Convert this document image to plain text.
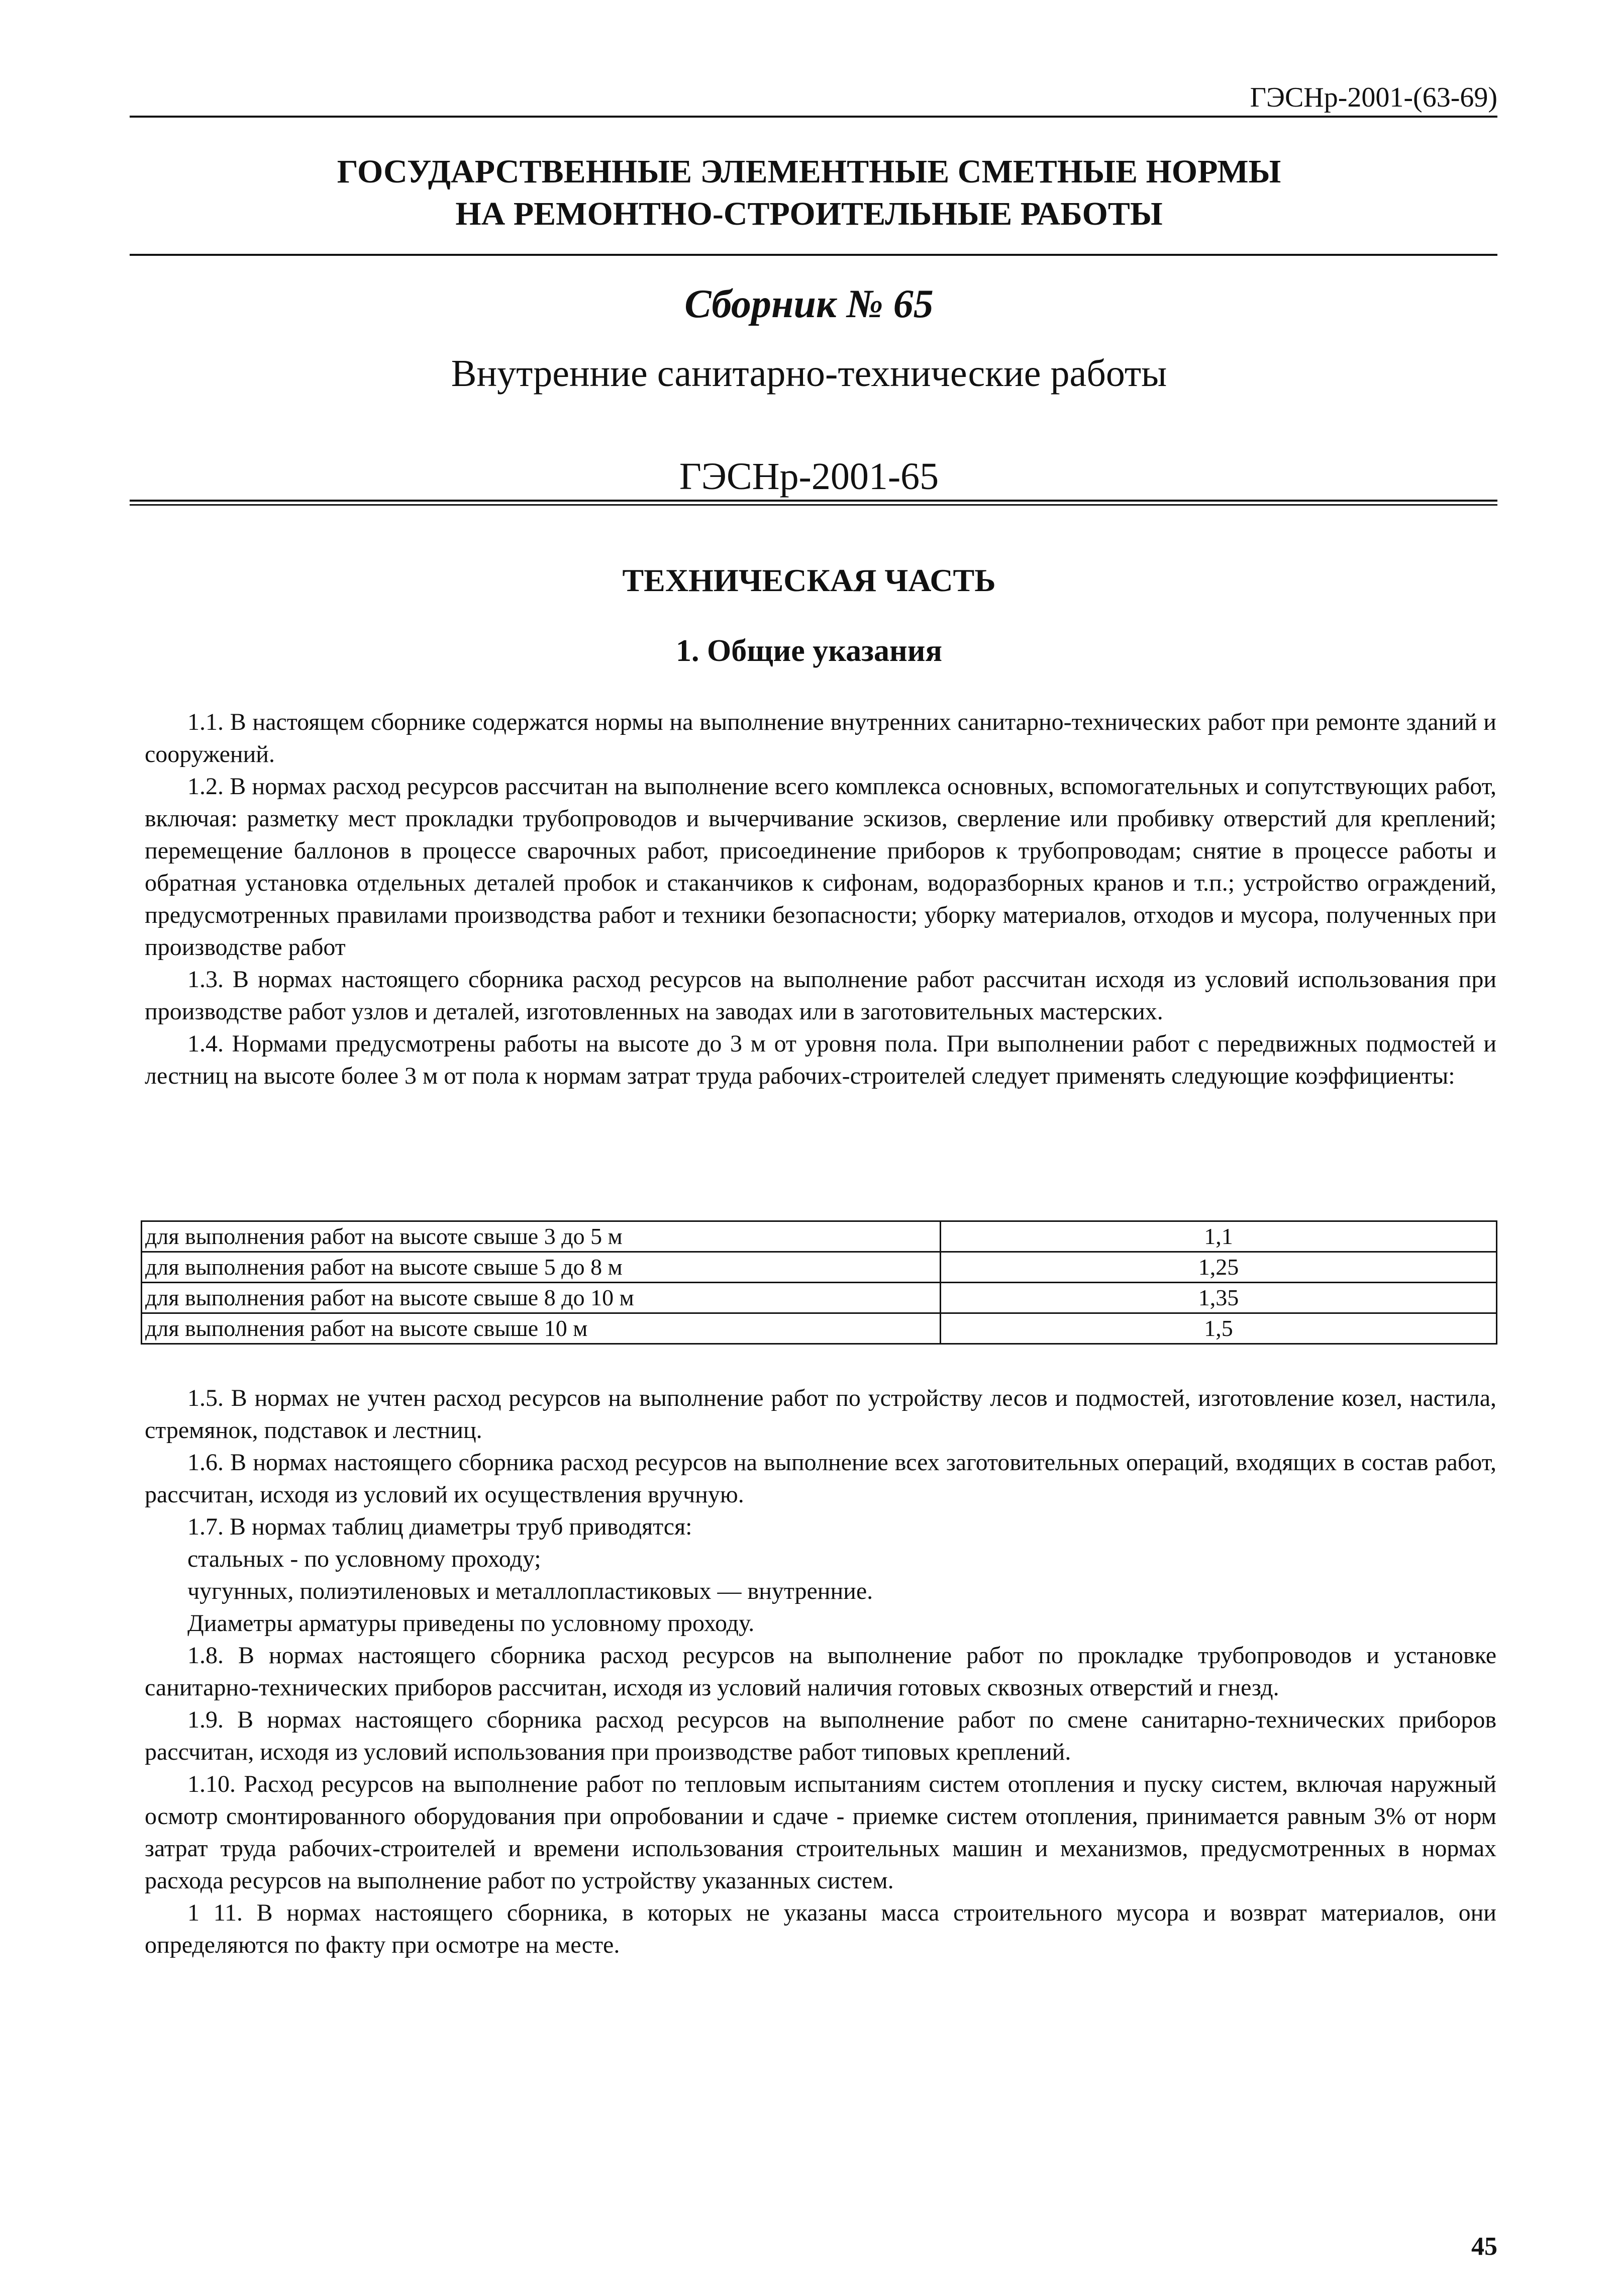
ГЭСНр-2001-(63-69)
ГОСУДАРСТВЕННЫЕ ЭЛЕМЕНТНЫЕ СМЕТНЫЕ НОРМЫ
НА РЕМОНТНО-СТРОИТЕЛЬНЫЕ РАБОТЫ
Сборник № 65
Внутренние санитарно-технические работы
ГЭСНр-2001-65
ТЕХНИЧЕСКАЯ ЧАСТЬ
1. Общие указания

1.1. В настоящем сборнике содержатся нормы на выполнение внутренних санитарно-технических работ при ремонте зданий и сооружений.

1.2. В нормах расход ресурсов рассчитан на выполнение всего комплекса основных, вспомогательных и сопутствующих работ, включая: разметку мест прокладки трубопроводов и вычерчивание эскизов, сверление или пробивку отверстий для креплений; перемещение баллонов в процессе сварочных работ, присоединение приборов к трубопроводам; снятие в процессе работы и обратная установка отдельных деталей пробок и стаканчиков к сифонам, водоразборных кранов и т.п.; устройство ограждений, предусмотренных правилами производства работ и техники безопасности; уборку материалов, отходов и мусора, полученных при производстве работ

1.3. В нормах настоящего сборника расход ресурсов на выполнение работ рассчитан исходя из условий использования при производстве работ узлов и деталей, изготовленных на заводах или в заготовительных мастерских.

1.4. Нормами предусмотрены работы на высоте до 3 м от уровня пола. При выполнении работ с передвижных подмостей и лестниц на высоте более 3 м от пола к нормам затрат труда рабочих-строителей следует применять следующие коэффициенты:

для выполнения работ на высоте свыше 3 до 5 м	1,1
для выполнения работ на высоте свыше 5 до 8 м	1,25
для выполнения работ на высоте свыше 8 до 10 м	1,35
для выполнения работ на высоте свыше 10 м	1,5

1.5. В нормах не учтен расход ресурсов на выполнение работ по устройству лесов и подмостей, изготовление козел, настила, стремянок, подставок и лестниц.

1.6. В нормах настоящего сборника расход ресурсов на выполнение всех заготовительных операций, входящих в состав работ, рассчитан, исходя из условий их осуществления вручную.

1.7. В нормах таблиц диаметры труб приводятся:

стальных - по условному проходу;

чугунных, полиэтиленовых и металлопластиковых — внутренние.

Диаметры арматуры приведены по условному проходу.

1.8. В нормах настоящего сборника расход ресурсов на выполнение работ по прокладке трубопроводов и установке санитарно-технических приборов рассчитан, исходя из условий наличия готовых сквозных отверстий и гнезд.

1.9. В нормах настоящего сборника расход ресурсов на выполнение работ по смене санитарно-технических приборов рассчитан, исходя из условий использования при производстве работ типовых креплений.

1.10. Расход ресурсов на выполнение работ по тепловым испытаниям систем отопления и пуску систем, включая наружный осмотр смонтированного оборудования при опробовании и сдаче - приемке систем отопления, принимается равным 3% от норм затрат труда рабочих-строителей и времени использования строительных машин и механизмов, предусмотренных в нормах расхода ресурсов на выполнение работ по устройству указанных систем.

1 11. В нормах настоящего сборника, в которых не указаны масса строительного мусора и возврат материалов, они определяются по факту при осмотре на месте.

45
